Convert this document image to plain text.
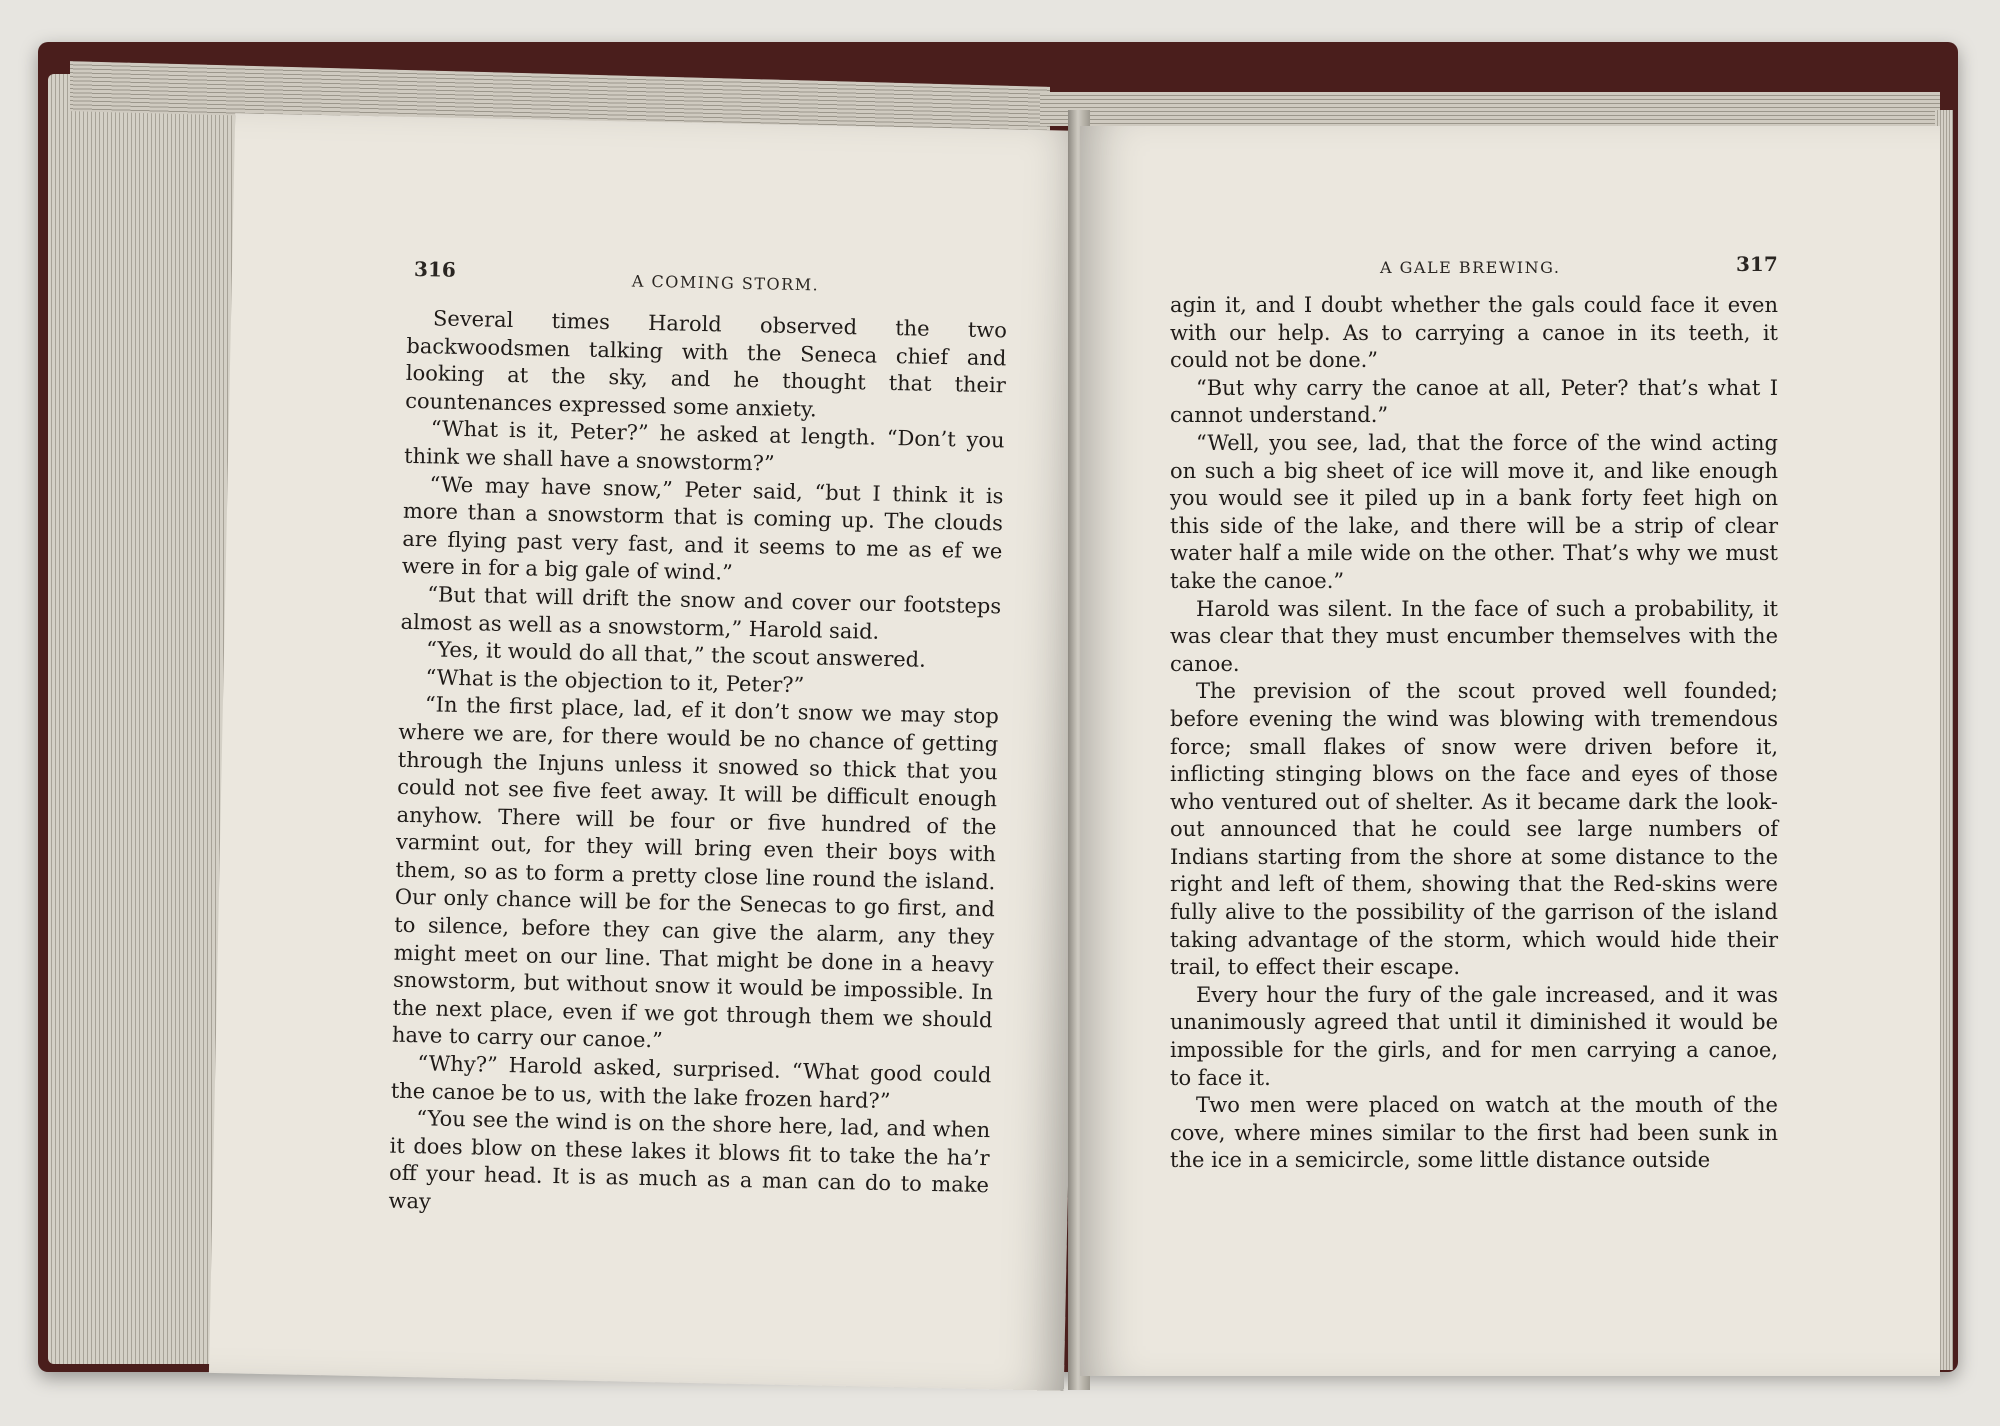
316
A COMING STORM.

Several times Harold observed the two backwoodsmen talking with the Seneca chief and looking at the sky, and he thought that their countenances expressed some anxiety.

“What is it, Peter?” he asked at length. “Don’t you think we shall have a snowstorm?”

“We may have snow,” Peter said, “but I think it is more than a snowstorm that is coming up. The clouds are flying past very fast, and it seems to me as ef we were in for a big gale of wind.”

“But that will drift the snow and cover our footsteps almost as well as a snowstorm,” Harold said.

“Yes, it would do all that,” the scout answered.

“What is the objection to it, Peter?”

“In the first place, lad, ef it don’t snow we may stop where we are, for there would be no chance of getting through the Injuns unless it snowed so thick that you could not see five feet away. It will be difficult enough anyhow. There will be four or five hundred of the varmint out, for they will bring even their boys with them, so as to form a pretty close line round the island. Our only chance will be for the Senecas to go first, and to silence, before they can give the alarm, any they might meet on our line. That might be done in a heavy snowstorm, but without snow it would be impossible. In the next place, even if we got through them we should have to carry our canoe.”

“Why?” Harold asked, surprised. “What good could the canoe be to us, with the lake frozen hard?”

“You see the wind is on the shore here, lad, and when it does blow on these lakes it blows fit to take the ha’r off your head. It is as much as a man can do to make way

A GALE BREWING.	317

agin it, and I doubt whether the gals could face it even with our help. As to carrying a canoe in its teeth, it could not be done.”

“But why carry the canoe at all, Peter? that’s what I cannot understand.”

“Well, you see, lad, that the force of the wind acting on such a big sheet of ice will move it, and like enough you would see it piled up in a bank forty feet high on this side of the lake, and there will be a strip of clear water half a mile wide on the other. That’s why we must take the canoe.”

Harold was silent. In the face of such a probability, it was clear that they must encumber themselves with the canoe.

The prevision of the scout proved well founded; before evening the wind was blowing with tremendous force; small flakes of snow were driven before it, inflicting stinging blows on the face and eyes of those who ventured out of shelter. As it became dark the look-out announced that he could see large numbers of Indians starting from the shore at some distance to the right and left of them, showing that the Red-skins were fully alive to the possibility of the garrison of the island taking advantage of the storm, which would hide their trail, to effect their escape.

Every hour the fury of the gale increased, and it was unanimously agreed that until it diminished it would be impossible for the girls, and for men carrying a canoe, to face it.

Two men were placed on watch at the mouth of the cove, where mines similar to the first had been sunk in the ice in a semicircle, some little distance outside
